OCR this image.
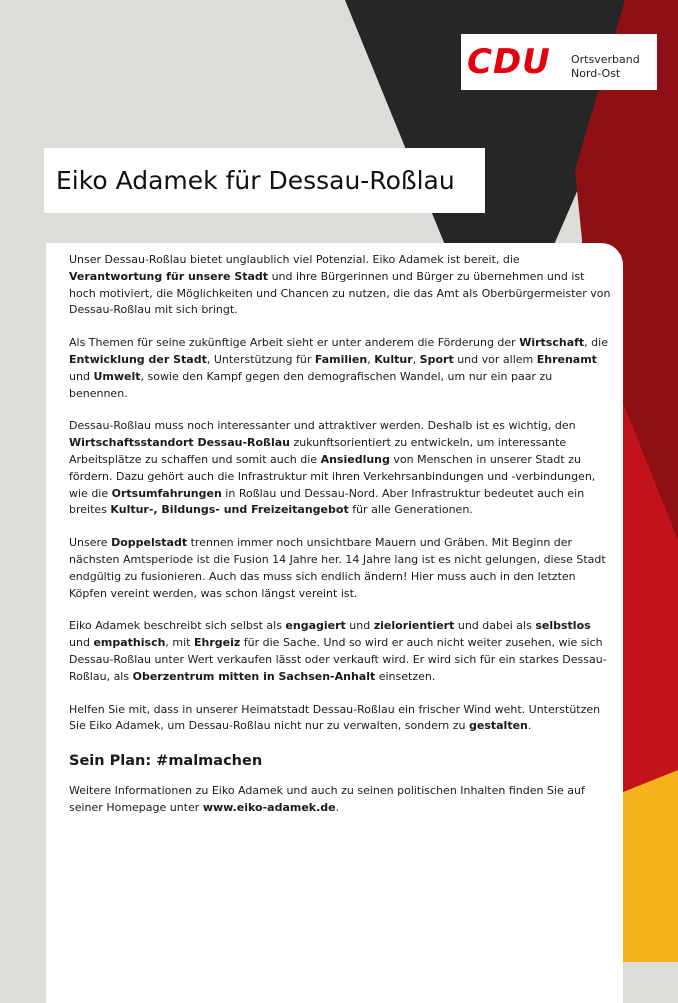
CDU	Ortsverband
Nord-Ost
Eiko Adamek für Dessau-Roßlau

Unser Dessau-Roßlau bietet unglaublich viel Potenzial. Eiko Adamek ist bereit, die Verantwortung für unsere Stadt und ihre Bürgerinnen und Bürger zu übernehmen und ist hoch motiviert, die Möglichkeiten und Chancen zu nutzen, die das Amt als Oberbürgermeister von Dessau-Roßlau mit sich bringt.

Als Themen für seine zukünftige Arbeit sieht er unter anderem die Förderung der Wirtschaft, die Entwicklung der Stadt, Unterstützung für Familien, Kultur, Sport und vor allem Ehrenamt und Umwelt, sowie den Kampf gegen den demografischen Wandel, um nur ein paar zu benennen.

Dessau-Roßlau muss noch interessanter und attraktiver werden. Deshalb ist es wichtig, den Wirtschaftsstandort Dessau-Roßlau zukunftsorientiert zu entwickeln, um interessante Arbeitsplätze zu schaffen und somit auch die Ansiedlung von Menschen in unserer Stadt zu fördern. Dazu gehört auch die Infrastruktur mit ihren Verkehrsanbindungen und -verbindungen, wie die Ortsumfahrungen in Roßlau und Dessau-Nord. Aber Infrastruktur bedeutet auch ein breites Kultur-, Bildungs- und Freizeitangebot für alle Generationen.

Unsere Doppelstadt trennen immer noch unsichtbare Mauern und Gräben. Mit Beginn der nächsten Amtsperiode ist die Fusion 14 Jahre her. 14 Jahre lang ist es nicht gelungen, diese Stadt endgültig zu fusionieren. Auch das muss sich endlich ändern! Hier muss auch in den letzten Köpfen vereint werden, was schon längst vereint ist.

Eiko Adamek beschreibt sich selbst als engagiert und zielorientiert und dabei als selbstlos und empathisch, mit Ehrgeiz für die Sache. Und so wird er auch nicht weiter zusehen, wie sich Dessau-Roßlau unter Wert verkaufen lässt oder verkauft wird. Er wird sich für ein starkes Dessau-Roßlau, als Oberzentrum mitten in Sachsen-Anhalt einsetzen.

Helfen Sie mit, dass in unserer Heimatstadt Dessau-Roßlau ein frischer Wind weht. Unterstützen Sie Eiko Adamek, um Dessau-Roßlau nicht nur zu verwalten, sondern zu gestalten.

Sein Plan: #malmachen

Weitere Informationen zu Eiko Adamek und auch zu seinen politischen Inhalten finden Sie auf seiner Homepage unter www.eiko-adamek.de.
